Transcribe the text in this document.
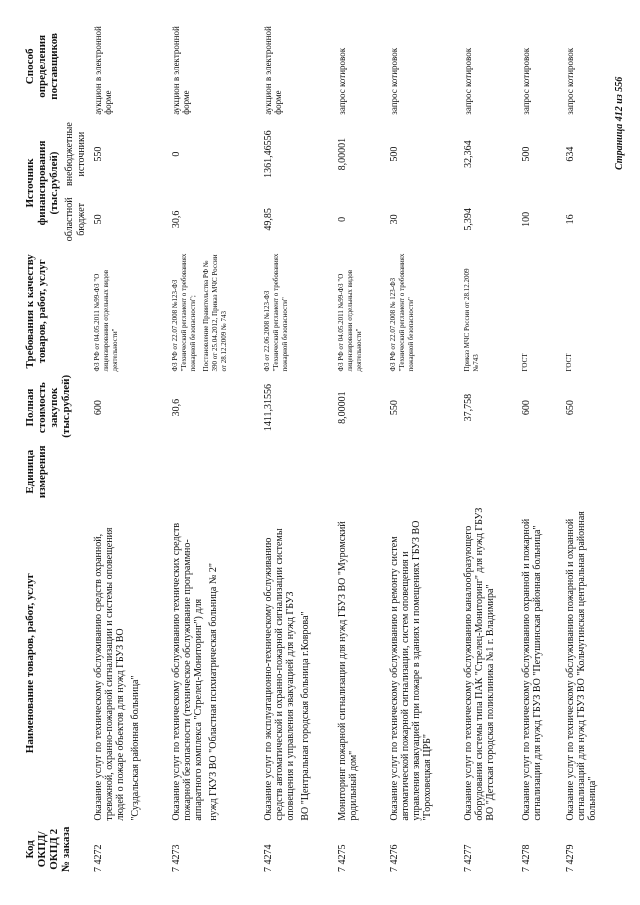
Код ОКПД/ ОКПД 2 № заказа	Наименование товаров, работ, услуг	Единица измерения	Полная стоимость закупок (тыс.рублей)	Требования к качеству товаров, работ, услуг	Источник финансирования (тыс.рублей)		Способ определения поставщиков
					областной бюджет	внебюджетные источники	
7 4272	Оказание услуг по техническому обслуживанию средств охранной, тревожной, охранно-пожарной сигнализации и системы оповещения людей о пожаре объектов для нужд ГБУЗ ВО "Суздальская районная больница"		600	ФЗ РФ от 04.05.2011 №99-ФЗ "О лицензировании отдельных видов деятельности"	50	550	аукцион в электронной форме
7 4273	Оказание услуг по техническому обслуживанию технических средств пожарной безопасности (техническое обслуживание программно-аппаратного комплекса "Стрелец-Мониторинг") для нужд ГКУЗ ВО "Областная психиатрическая больница № 2"		30,6	ФЗ РФ от 22.07.2008 №123-ФЗ "Технический регламент о требованиях пожарной безопасности"; Постановление Правительства РФ № 390 от 25.04.2012, Приказ МЧС России от 28.12.2009 № 743	30,6	0	аукцион в электронной форме
7 4274	Оказание услуг по эксплуатационно-техническому обслуживанию средств автоматической и охранно-пожарной сигнализации системы оповещения и управления эвакуацией для нужд ГБУЗ ВО "Центральная городская больница г.Коврова"		1411,31556	ФЗ от 22.06.2008 №123-ФЗ "Технический регламент о требованиях пожарной безопасности"	49,85	1361,46556	аукцион в электронной форме
7 4275	Мониторинг пожарной сигнализации для нужд ГБУЗ ВО "Муромский родильный дом"		8,00001	ФЗ РФ от 04.05.2011 №99-ФЗ "О лицензировании отдельных видов деятельности"	0	8,00001	запрос котировок
7 4276	Оказание услуг по техническому обслуживанию и ремонту систем автоматической пожарной сигнализации, систем оповещения и управления эвакуацией при пожаре в зданиях и помещениях ГБУЗ ВО "Гороховецкая ЦРБ"		550	ФЗ РФ от 22.07.2008 № 123-ФЗ "Технический регламент о требованиях пожарной безопасности"	30	500	запрос котировок
7 4277	Оказание услуг по техническому обслуживанию каналообразующего оборудования системы типа ПАК "Стрелец-Мониторинг" для нужд ГБУЗ ВО "Детская городская поликлиника №1 г. Владимира"		37,758	Приказ МЧС России от 28.12.2009 №743	5,394	32,364	запрос котировок
7 4278	Оказание услуг по техническому обслуживанию охранной и пожарной сигнализации для нужд ГБУЗ ВО "Петушинская районная больница"		600	ГОСТ	100	500	запрос котировок
7 4279	Оказание услуг по техническому обслуживанию пожарной и охранной сигнализаций для нужд ГБУЗ ВО "Кольчугинская центральная районная больница"		650	ГОСТ	16	634	запрос котировок	Страница 412 из 556
